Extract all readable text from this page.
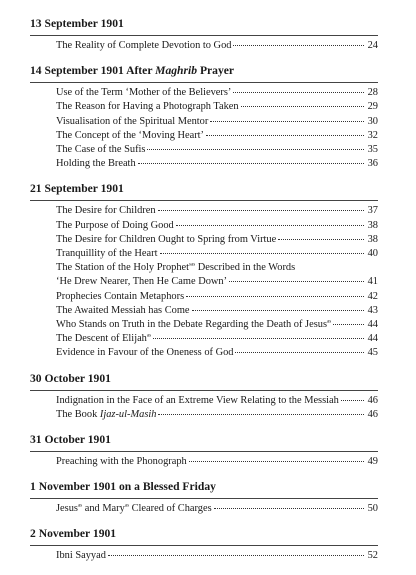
13 September 1901
The Reality of Complete Devotion to God	24
14 September 1901 After Maghrib Prayer
Use of the Term ‘Mother of the Believers’	28
The Reason for Having a Photograph Taken	29
Visualisation of the Spiritual Mentor	30
The Concept of the ‘Moving Heart’	32
The Case of the Sufis	35
Holding the Breath	36
21 September 1901
The Desire for Children	37
The Purpose of Doing Good	38
The Desire for Children Ought to Spring from Virtue	38
Tranquillity of the Heart	40
The Station of the Holy Prophet$^{sas}$ Described in the Words
‘He Drew Nearer, Then He Came Down’	41
Prophecies Contain Metaphors	42
The Awaited Messiah has Come	43
Who Stands on Truth in the Debate Regarding the Death of Jesus$^{as}$	44
The Descent of Elijah$^{as}$	44
Evidence in Favour of the Oneness of God	45
30 October 1901
Indignation in the Face of an Extreme View Relating to the Messiah	46
The Book Ijaz-ul-Masih	46
31 October 1901
Preaching with the Phonograph	49
1 November 1901 on a Blessed Friday
Jesus$^{as}$ and Mary$^{as}$ Cleared of Charges	50
2 November 1901
Ibni Sayyad	52
